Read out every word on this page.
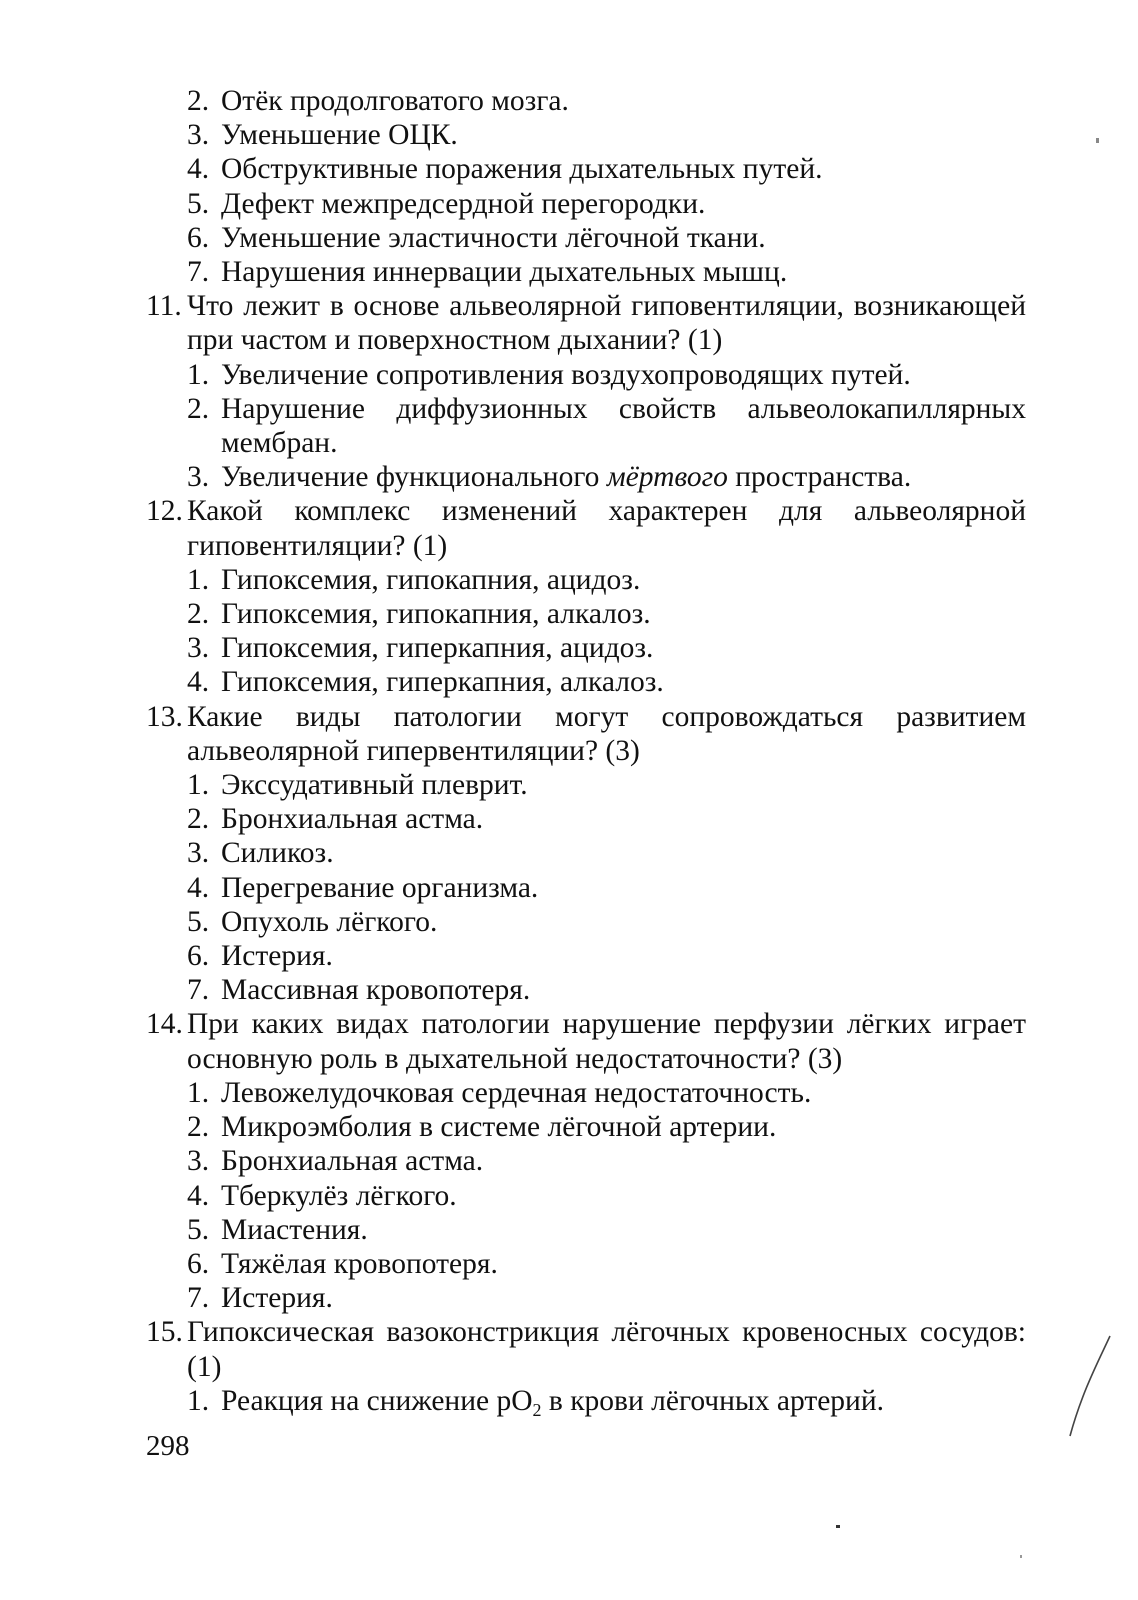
2. Отёк продолговатого мозга.
3. Уменьшение ОЦК.
4. Обструктивные поражения дыхательных путей.
5. Дефект межпредсердной перегородки.
6. Уменьшение эластичности лёгочной ткани.
7. Нарушения иннервации дыхательных мышц.
11. Что лежит в основе альвеолярной гиповентиляции, возникающей при частом и поверхностном дыхании? (1)
1. Увеличение сопротивления воздухопроводящих путей.
2. Нарушение диффузионных свойств альвеолокапиллярных мембран.
3. Увеличение функционального мёртвого пространства.
12. Какой комплекс изменений характерен для альвеолярной гиповентиляции? (1)
1. Гипоксемия, гипокапния, ацидоз.
2. Гипоксемия, гипокапния, алкалоз.
3. Гипоксемия, гиперкапния, ацидоз.
4. Гипоксемия, гиперкапния, алкалоз.
13. Какие виды патологии могут сопровождаться развитием альвеолярной гипервентиляции? (3)
1. Экссудативный плеврит.
2. Бронхиальная астма.
3. Силикоз.
4. Перегревание организма.
5. Опухоль лёгкого.
6. Истерия.
7. Массивная кровопотеря.
14. При каких видах патологии нарушение перфузии лёгких играет основную роль в дыхательной недостаточности? (3)
1. Левожелудочковая сердечная недостаточность.
2. Микроэмболия в системе лёгочной артерии.
3. Бронхиальная астма.
4. Тберкулёз лёгкого.
5. Миастения.
6. Тяжёлая кровопотеря.
7. Истерия.
15. Гипоксическая вазоконстрикция лёгочных кровеносных сосудов: (1)
1. Реакция на снижение $pO_2$ в крови лёгочных артерий.
298
